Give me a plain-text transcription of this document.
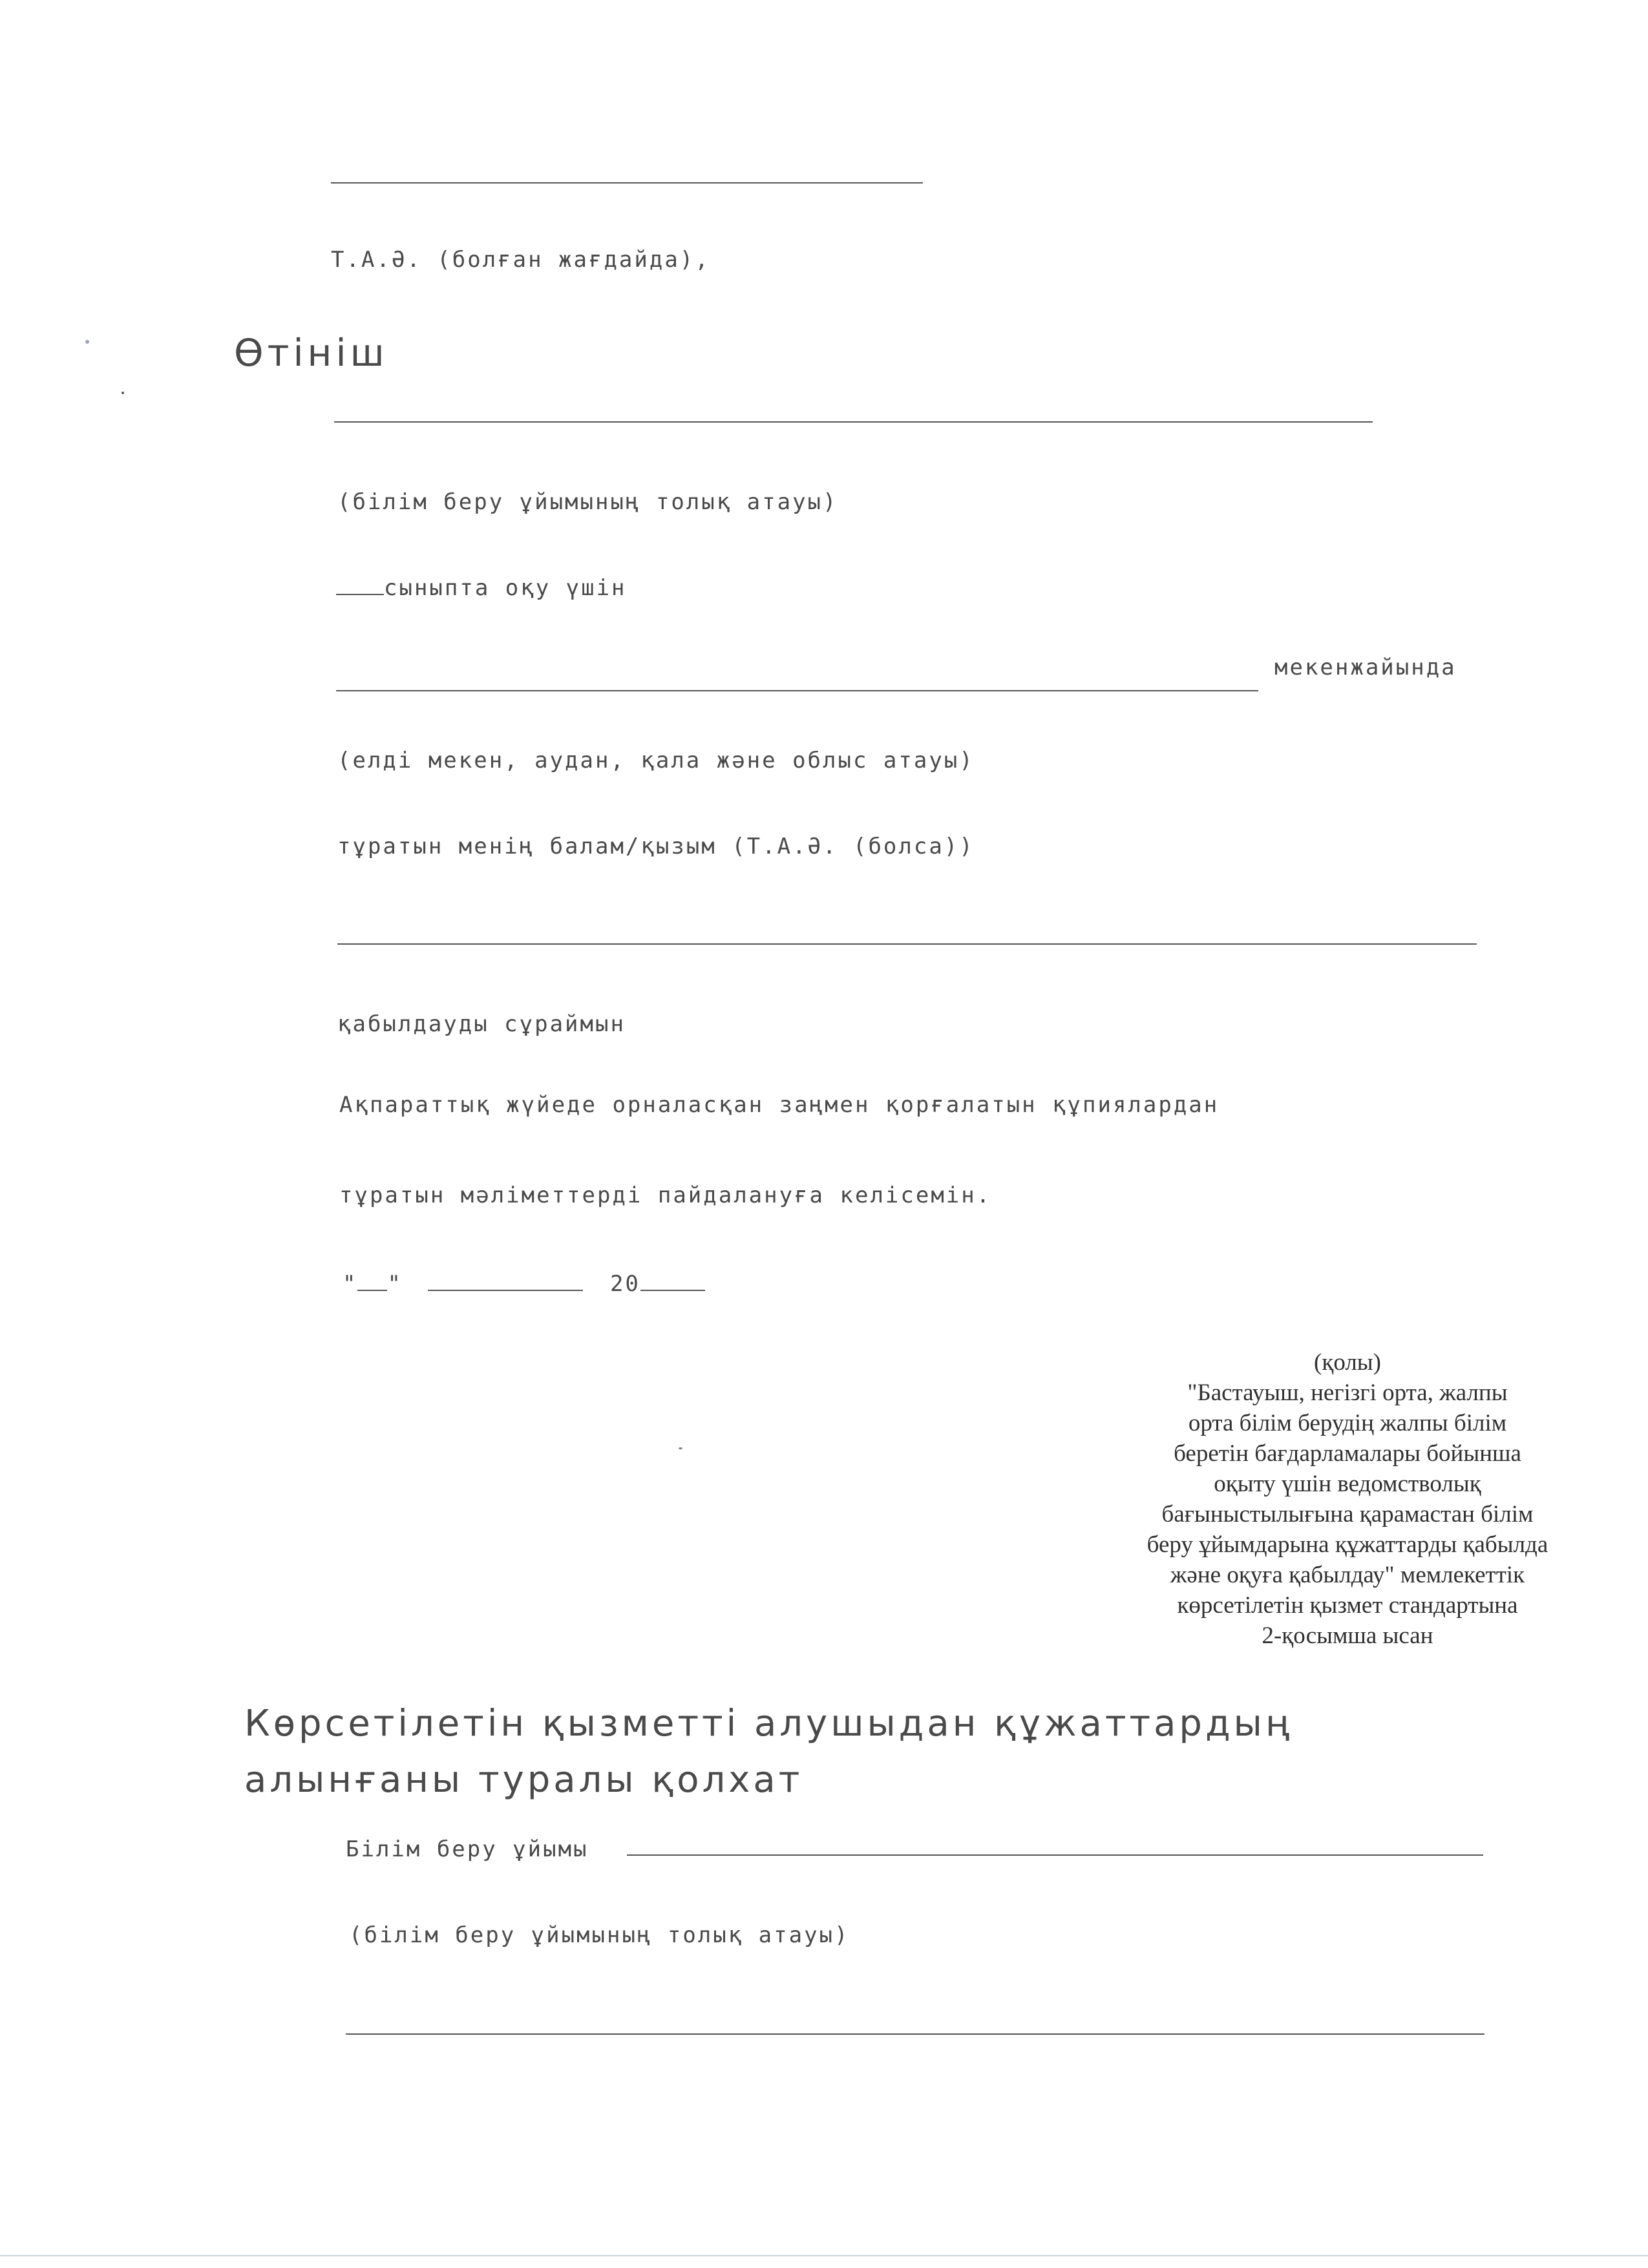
Т.А.Ә. (болған жағдайда),
Өтініш
(білім беру ұйымының толық атауы)
сыныпта оқу үшін
мекенжайында
(елді мекен, аудан, қала және облыс атауы)
тұратын менің балам/қызым (Т.А.Ә. (болса))
қабылдауды сұраймын
Ақпараттық жүйеде орналасқан заңмен қорғалатын құпиялардан
тұратын мәліметтерді пайдалануға келісемін.
" "	20
(қолы)
"Бастауыш, негізгі орта, жалпы
орта білім берудің жалпы білім
беретін бағдарламалары бойынша
оқыту үшін ведомстволық
бағыныстылығына қарамастан білім
беру ұйымдарына құжаттарды қабылда
және оқуға қабылдау" мемлекеттік
көрсетілетін қызмет стандартына
2-қосымша ысан
Көрсетілетін қызметті алушыдан құжаттардың
алынғаны туралы қолхат
Білім беру ұйымы
(білім беру ұйымының толық атауы)
